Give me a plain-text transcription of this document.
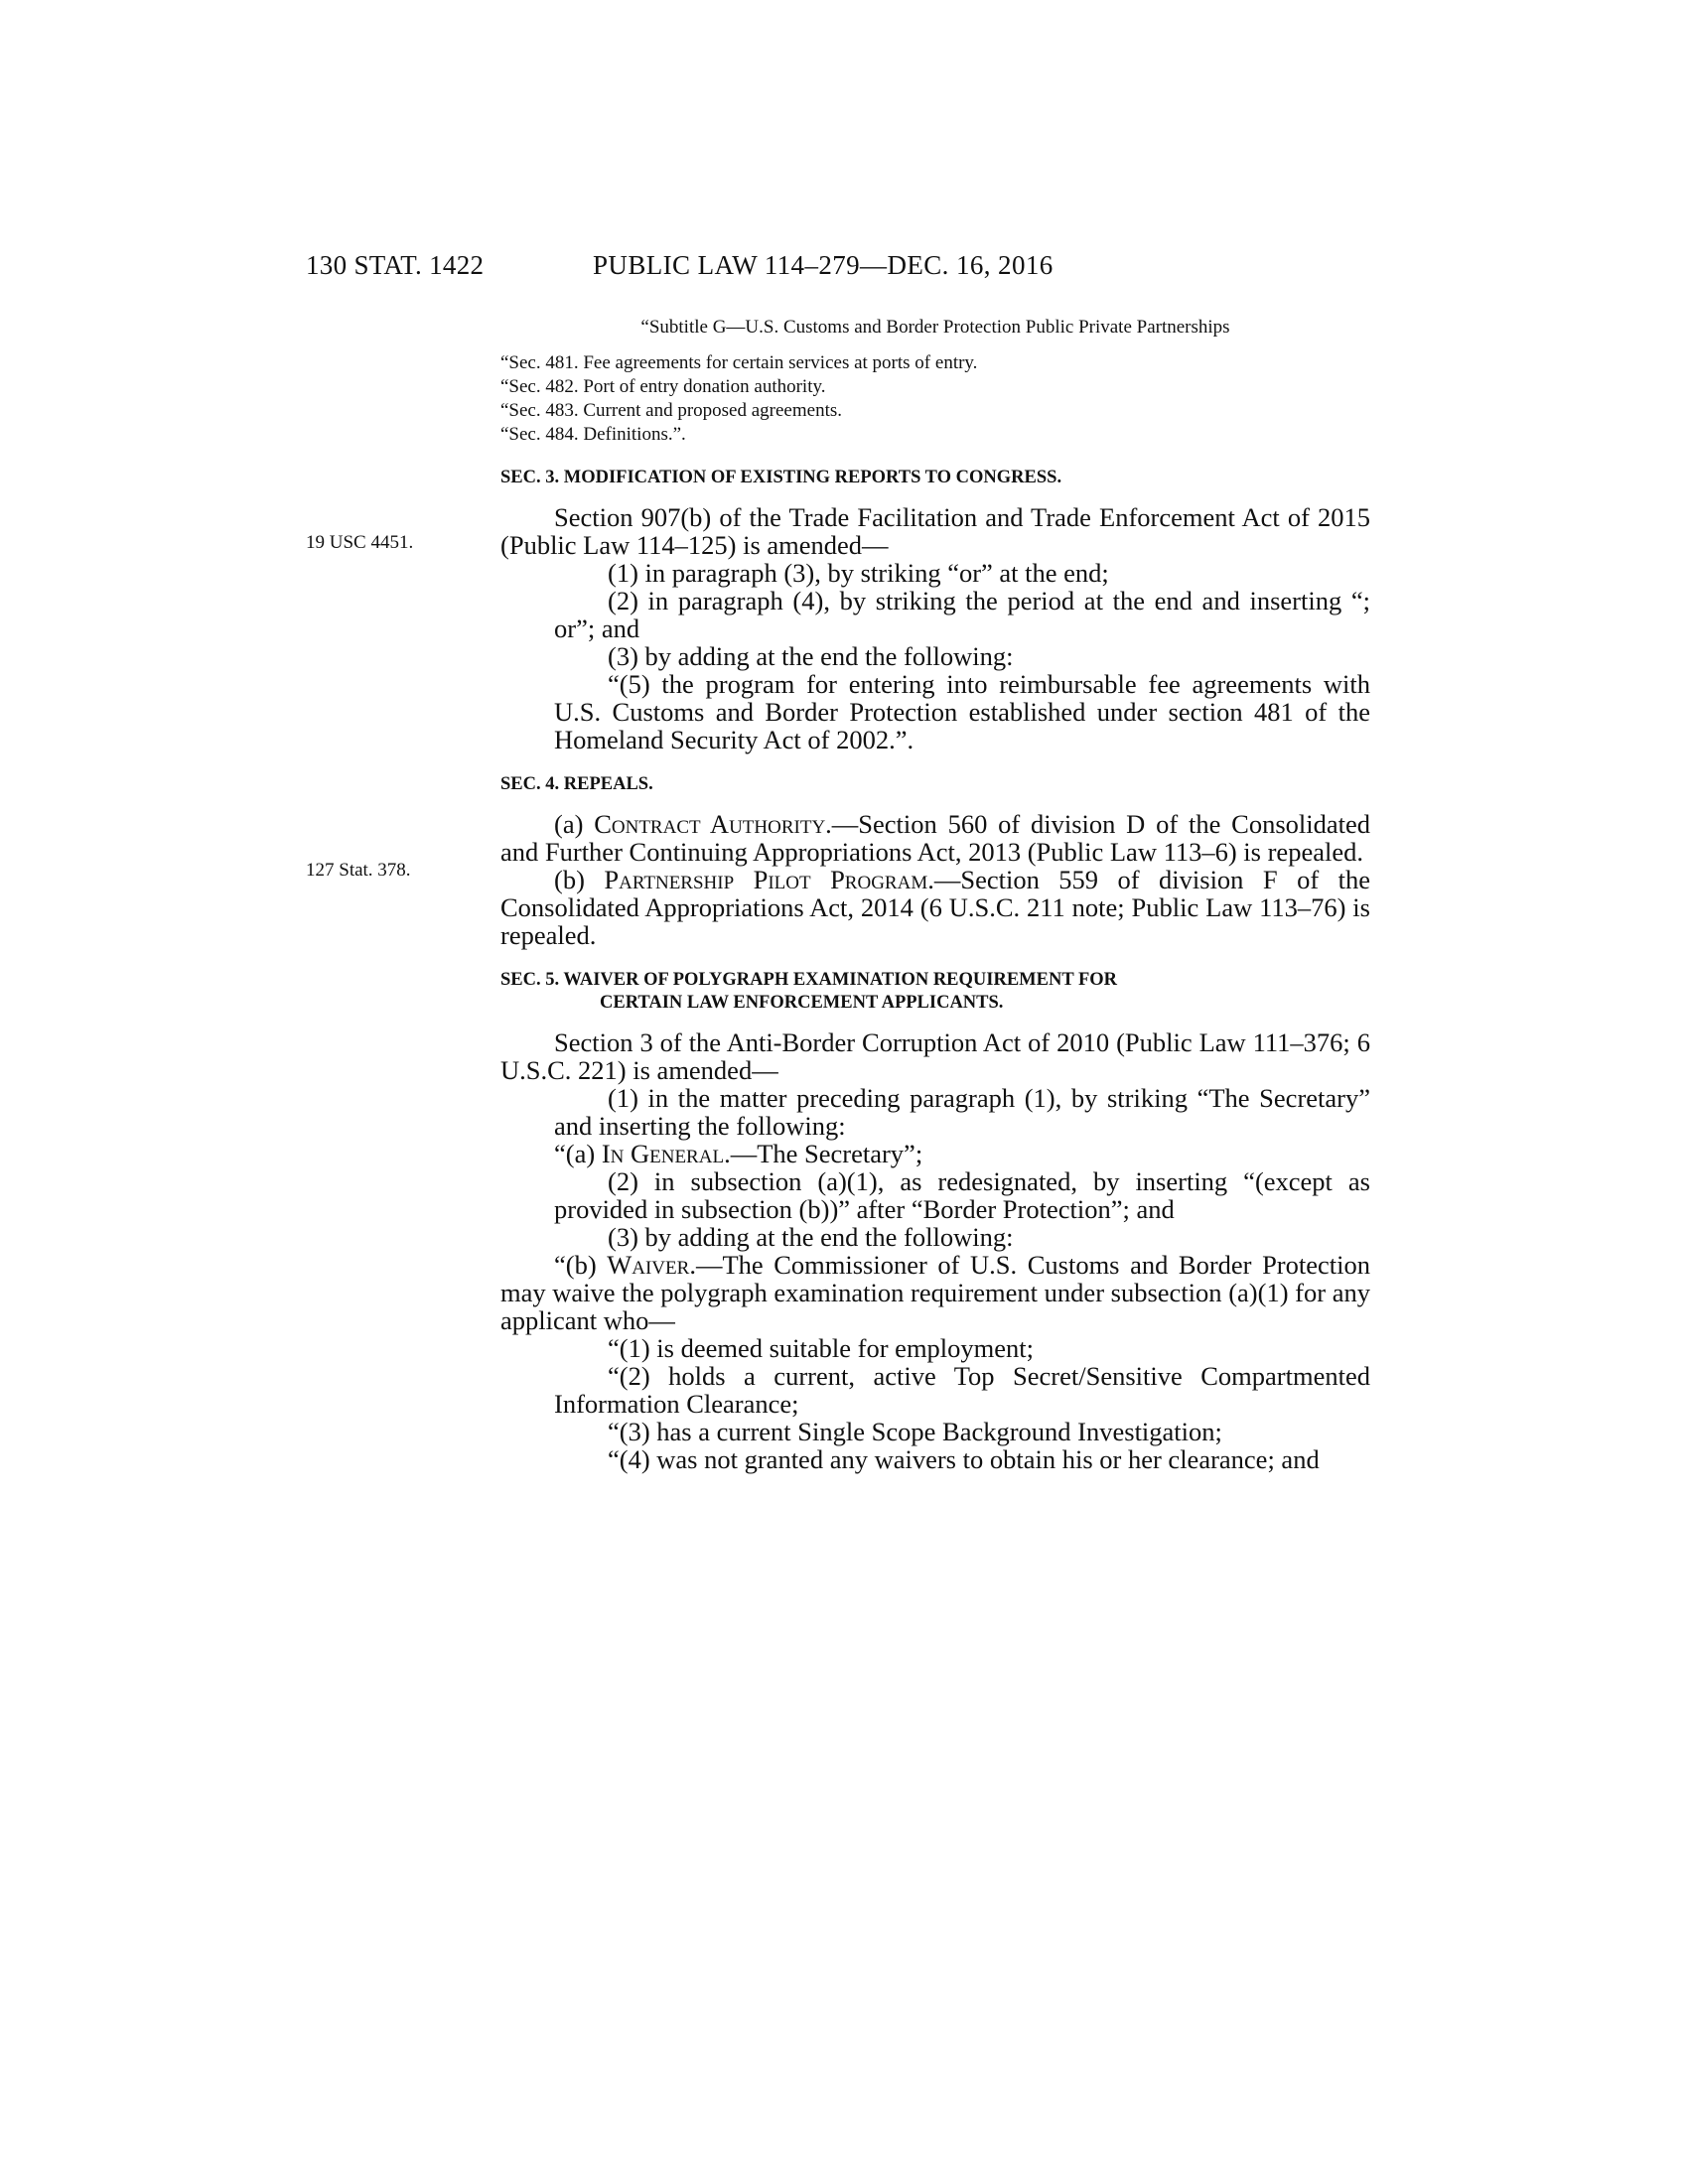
130 STAT. 1422	PUBLIC LAW 114–279—DEC. 16, 2016
19 USC 4451.
127 Stat. 378.

“Subtitle G—U.S. Customs and Border Protection Public Private Partnerships

“Sec. 481. Fee agreements for certain services at ports of entry.

“Sec. 482. Port of entry donation authority.

“Sec. 483. Current and proposed agreements.

“Sec. 484. Definitions.”.

SEC. 3. MODIFICATION OF EXISTING REPORTS TO CONGRESS.

Section 907(b) of the Trade Facilitation and Trade Enforcement Act of 2015 (Public Law 114–125) is amended—

(1) in paragraph (3), by striking “or” at the end;

(2) in paragraph (4), by striking the period at the end and inserting “; or”; and

(3) by adding at the end the following:

“(5) the program for entering into reimbursable fee agreements with U.S. Customs and Border Protection established under section 481 of the Homeland Security Act of 2002.”.

SEC. 4. REPEALS.

(a) Contract Authority.—Section 560 of division D of the Consolidated and Further Continuing Appropriations Act, 2013 (Public Law 113–6) is repealed.

(b) Partnership Pilot Program.—Section 559 of division F of the Consolidated Appropriations Act, 2014 (6 U.S.C. 211 note; Public Law 113–76) is repealed.

SEC. 5. WAIVER OF POLYGRAPH EXAMINATION REQUIREMENT FOR
CERTAIN LAW ENFORCEMENT APPLICANTS.

Section 3 of the Anti-Border Corruption Act of 2010 (Public Law 111–376; 6 U.S.C. 221) is amended—

(1) in the matter preceding paragraph (1), by striking “The Secretary” and inserting the following:

“(a) In General.—The Secretary”;

(2) in subsection (a)(1), as redesignated, by inserting “(except as provided in subsection (b))” after “Border Protection”; and

(3) by adding at the end the following:

“(b) Waiver.—The Commissioner of U.S. Customs and Border Protection may waive the polygraph examination requirement under subsection (a)(1) for any applicant who—

“(1) is deemed suitable for employment;

“(2) holds a current, active Top Secret/Sensitive Compartmented Information Clearance;

“(3) has a current Single Scope Background Investigation;

“(4) was not granted any waivers to obtain his or her clearance; and
